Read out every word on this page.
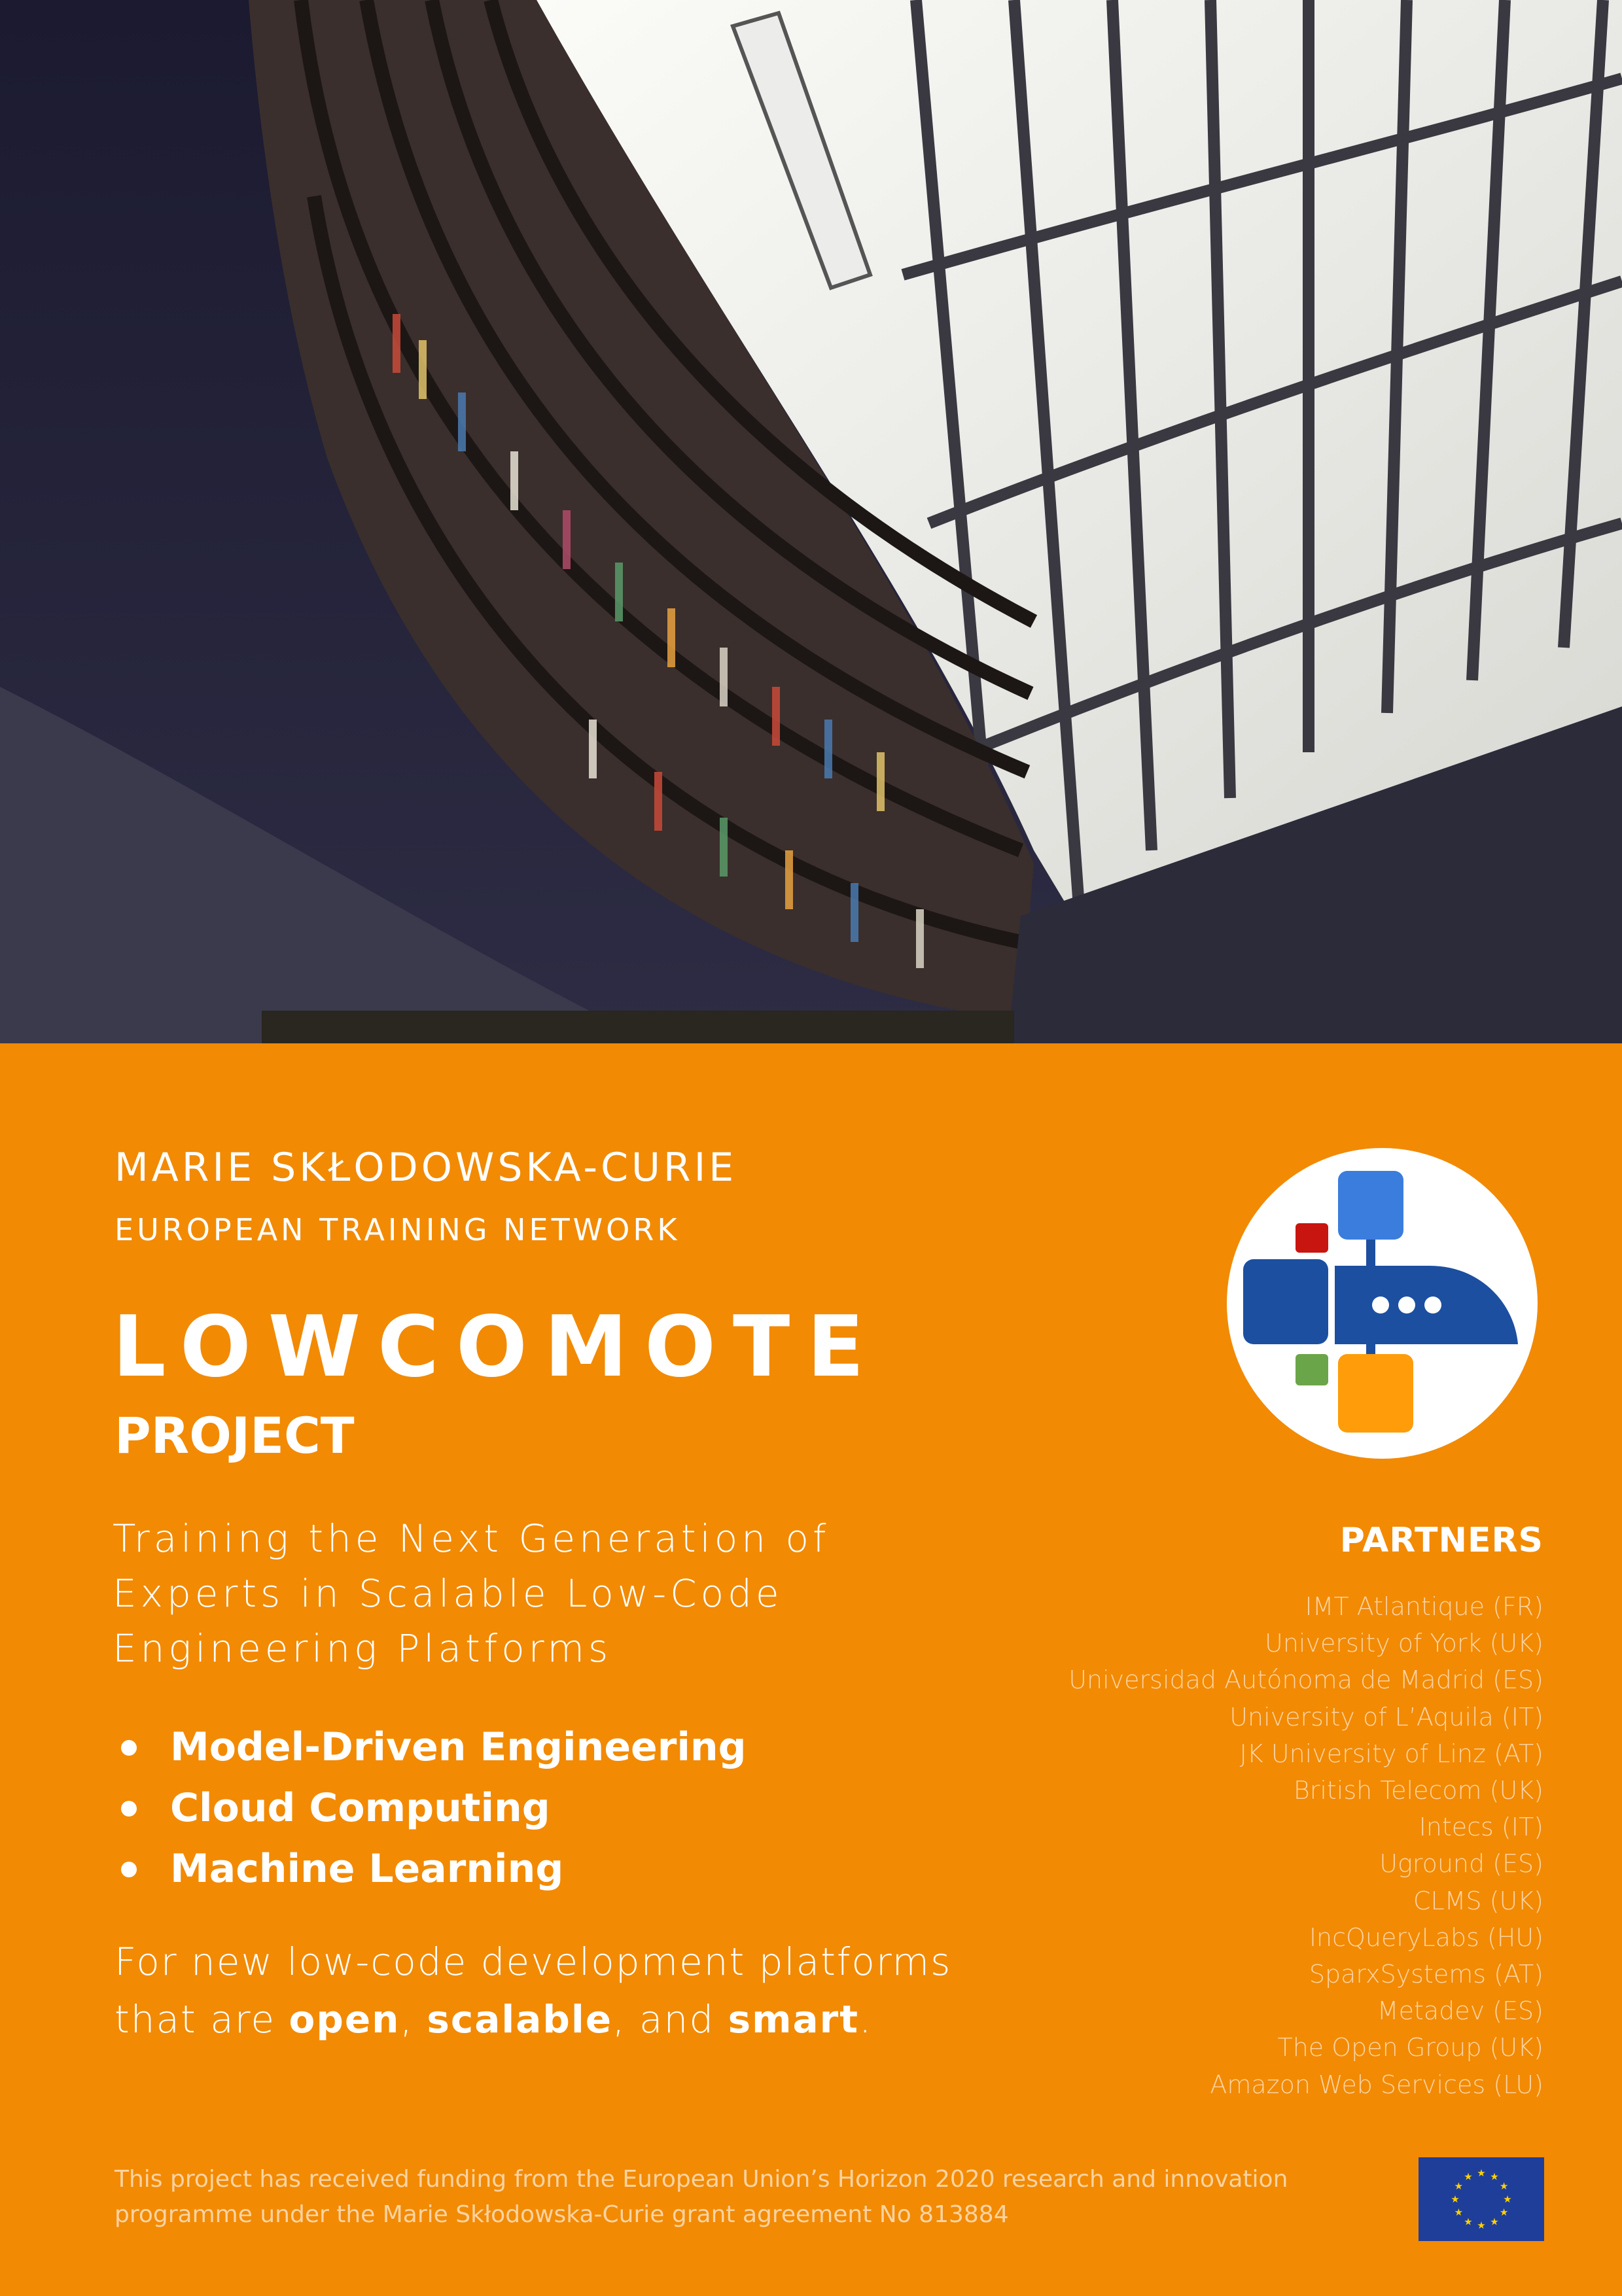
MARIE SKŁODOWSKA-CURIE
EUROPEAN TRAINING NETWORK
LOWCOMOTE
PROJECT
Training the Next Generation of Experts in Scalable Low-Code Engineering Platforms
Model-Driven Engineering
Cloud Computing
Machine Learning
For new low-code development platforms that are open, scalable, and smart.
PARTNERS
IMT Atlantique (FR)
University of York (UK)
Universidad Autónoma de Madrid (ES)
University of L’Aquila (IT)
JK University of Linz (AT)
British Telecom (UK)
Intecs (IT)
Uground (ES)
CLMS (UK)
IncQueryLabs (HU)
SparxSystems (AT)
Metadev (ES)
The Open Group (UK)
Amazon Web Services (LU)
This project has received funding from the European Union’s Horizon 2020 research and innovation programme under the Marie Skłodowska-Curie grant agreement No 813884
★ ★
★
★
★
★
★
★
★
★
★
★
